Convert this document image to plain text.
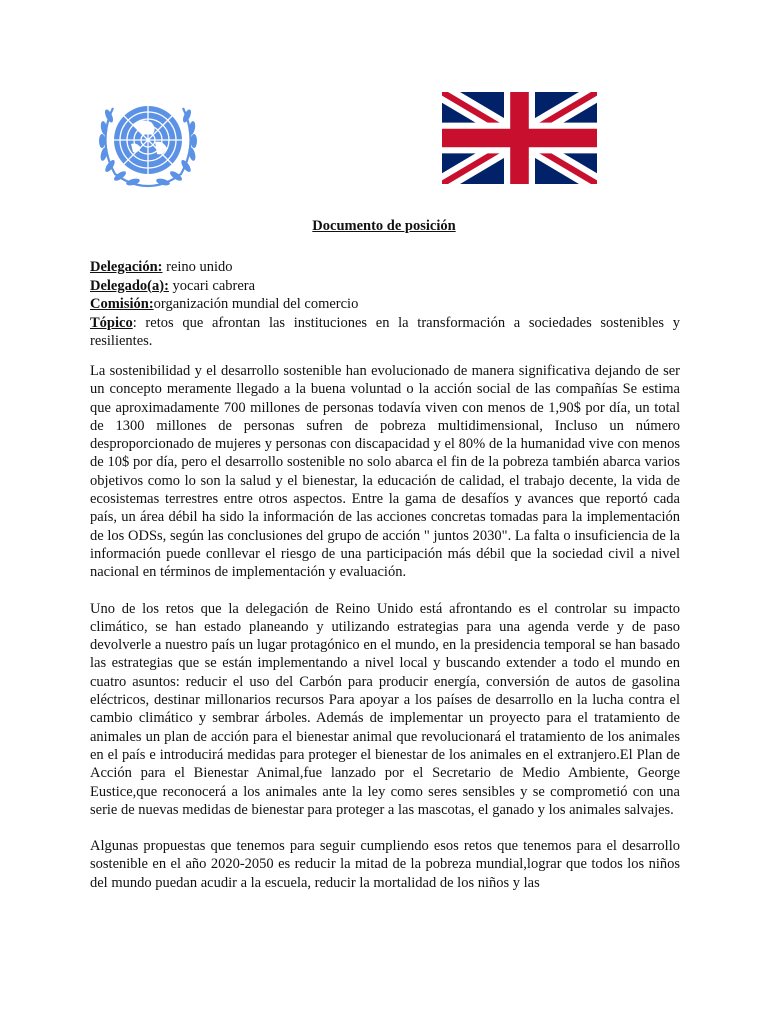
Documento de posición

Delegación: reino unido

Delegado(a): yocari cabrera

Comisión:organización mundial del comercio

Tópico: retos que afrontan las instituciones en la transformación a sociedades sostenibles y resilientes.

La sostenibilidad y el desarrollo sostenible han evolucionado de manera significativa dejando de ser un concepto meramente llegado a la buena voluntad o la acción social de las compañías Se estima que aproximadamente 700 millones de personas todavía viven con menos de 1,90$ por día, un total de 1300 millones de personas sufren de pobreza multidimensional, Incluso un número desproporcionado de mujeres y personas con discapacidad y el 80% de la humanidad vive con menos de 10$ por día, pero el desarrollo sostenible no solo abarca el fin de la pobreza también abarca varios objetivos como lo son la salud y el bienestar, la educación de calidad, el trabajo decente, la vida de ecosistemas terrestres entre otros aspectos. Entre la gama de desafíos y avances que reportó cada país, un área débil ha sido la información de las acciones concretas tomadas para la implementación de los ODSs, según las conclusiones del grupo de acción " juntos 2030". La falta o insuficiencia de la información puede conllevar el riesgo de una participación más débil que la sociedad civil a nivel nacional en términos de implementación y evaluación.

Uno de los retos que la delegación de Reino Unido está afrontando es el controlar su impacto climático, se han estado planeando y utilizando estrategias para una agenda verde y de paso devolverle a nuestro país un lugar protagónico en el mundo, en la presidencia temporal se han basado las estrategias que se están implementando a nivel local y buscando extender a todo el mundo en cuatro asuntos: reducir el uso del Carbón para producir energía, conversión de autos de gasolina eléctricos, destinar millonarios recursos Para apoyar a los países de desarrollo en la lucha contra el cambio climático y sembrar árboles. Además de implementar un proyecto para el tratamiento de animales un plan de acción para el bienestar animal que revolucionará el tratamiento de los animales en el país e introducirá medidas para proteger el bienestar de los animales en el extranjero.El Plan de Acción para el Bienestar Animal,fue lanzado por el Secretario de Medio Ambiente, George Eustice,que reconocerá a los animales ante la ley como seres sensibles y se comprometió con una serie de nuevas medidas de bienestar para proteger a las mascotas, el ganado y los animales salvajes.

Algunas propuestas que tenemos para seguir cumpliendo esos retos que tenemos para el desarrollo sostenible en el año 2020-2050 es reducir la mitad de la pobreza mundial,lograr que todos los niños del mundo puedan acudir a la escuela, reducir la mortalidad de los niños y las
